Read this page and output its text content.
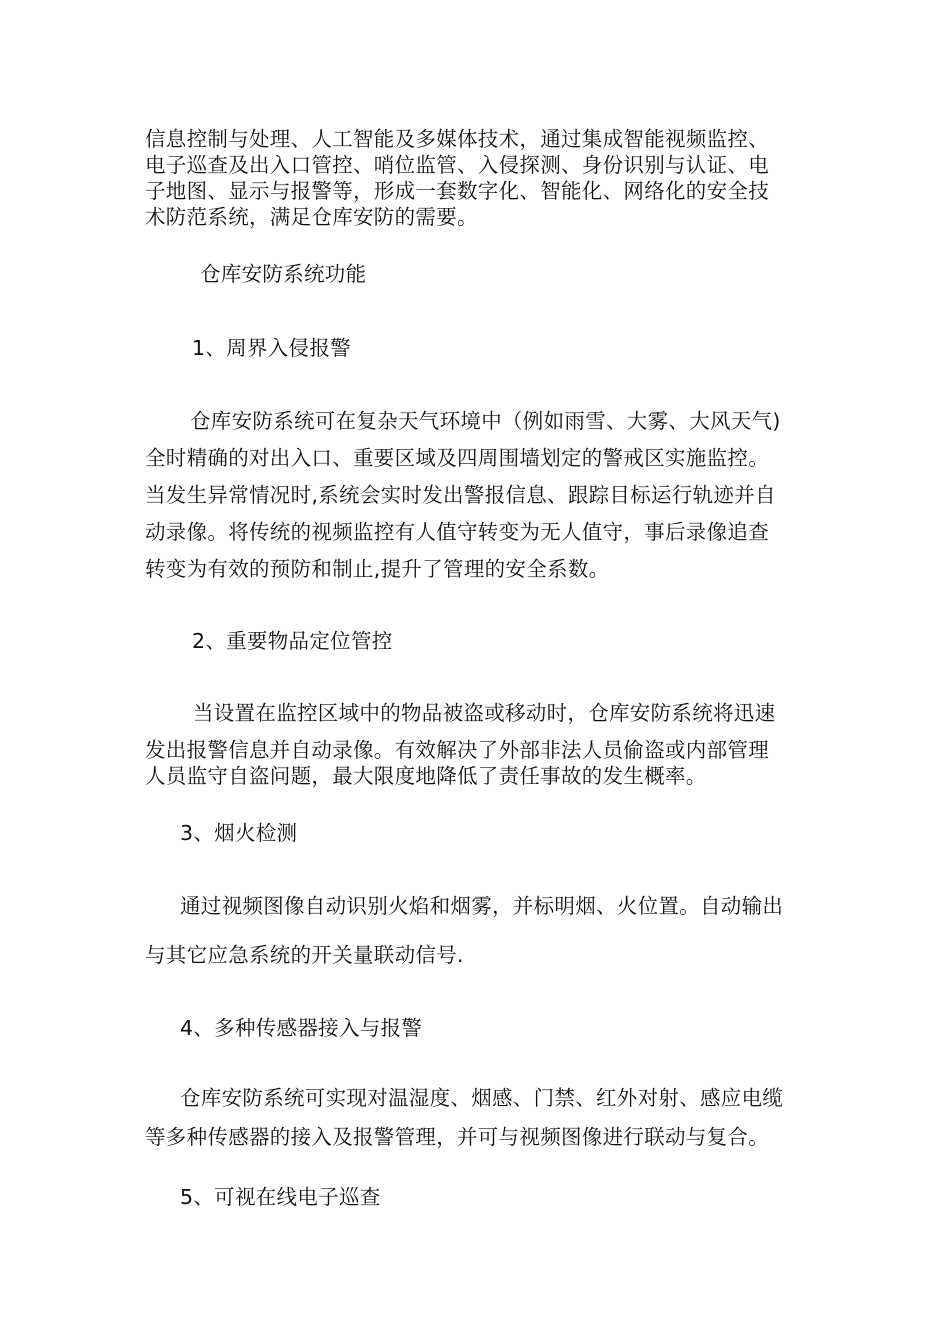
信息控制与处理、人工智能及多媒体技术，通过集成智能视频监控、
电子巡查及出入口管控、哨位监管、入侵探测、身份识别与认证、电
子地图、显示与报警等，形成一套数字化、智能化、网络化的安全技
术防范系统，满足仓库安防的需要。
仓库安防系统功能
1、周界入侵报警
仓库安防系统可在复杂天气环境中（例如雨雪、大雾、大风天气)
全时精确的对出入口、重要区域及四周围墙划定的警戒区实施监控。
当发生异常情况时,系统会实时发出警报信息、跟踪目标运行轨迹并自
动录像。将传统的视频监控有人值守转变为无人值守，事后录像追查
转变为有效的预防和制止,提升了管理的安全系数。
2、重要物品定位管控
当设置在监控区域中的物品被盗或移动时，仓库安防系统将迅速
发出报警信息并自动录像。有效解决了外部非法人员偷盗或内部管理
人员监守自盗问题，最大限度地降低了责任事故的发生概率。
3、烟火检测
通过视频图像自动识别火焰和烟雾，并标明烟、火位置。自动输出
与其它应急系统的开关量联动信号.
4、多种传感器接入与报警
仓库安防系统可实现对温湿度、烟感、门禁、红外对射、感应电缆
等多种传感器的接入及报警管理，并可与视频图像进行联动与复合。
5、可视在线电子巡查
